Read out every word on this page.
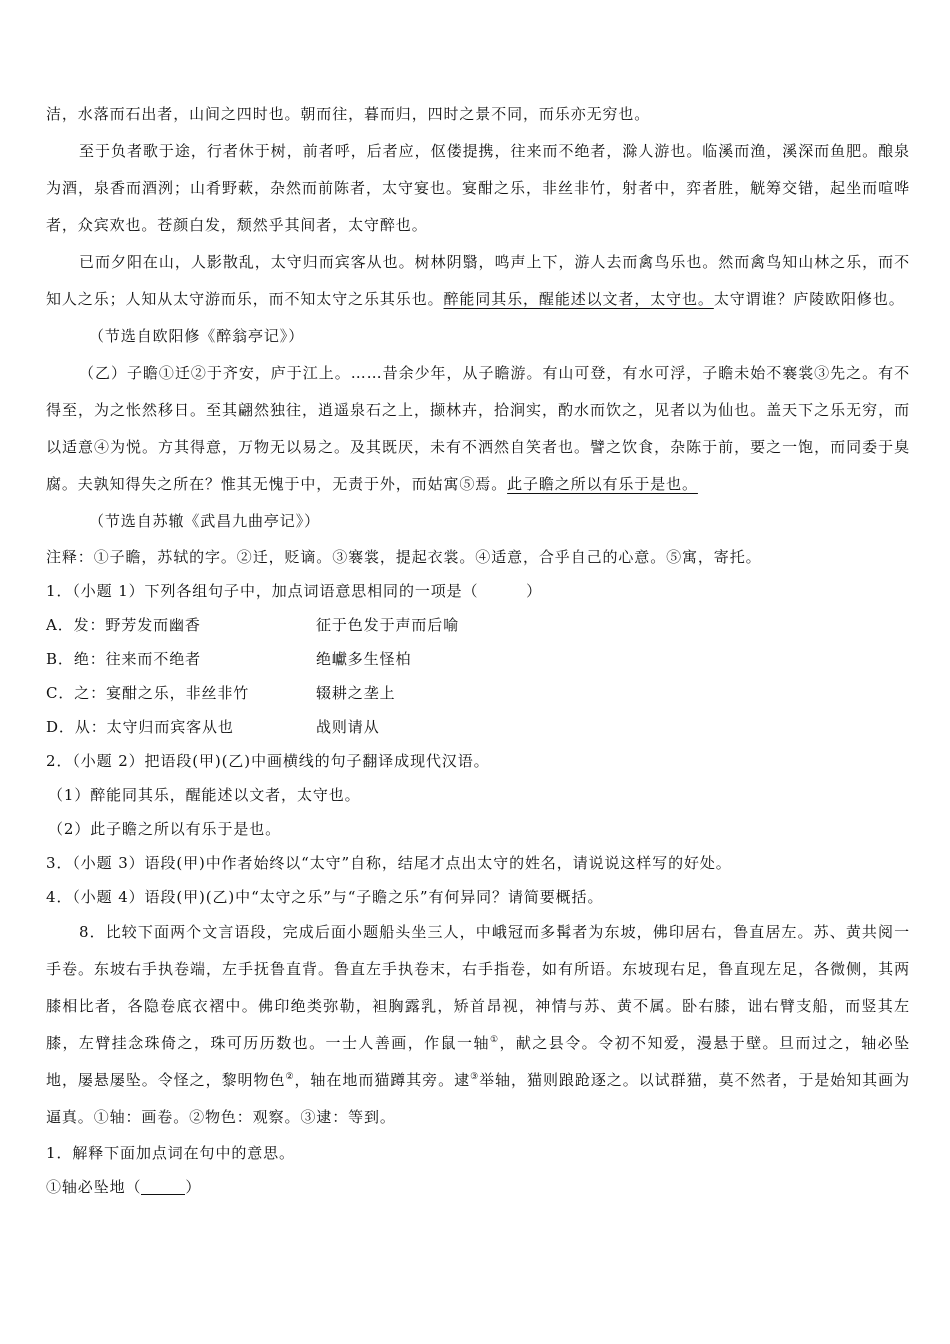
洁，水落而石出者，山间之四时也。朝而往，暮而归，四时之景不同，而乐亦无穷也。

至于负者歌于途，行者休于树，前者呼，后者应，伛偻提携，往来而不绝者，滁人游也。临溪而渔，溪深而鱼肥。酿泉为酒，泉香而酒洌；山肴野蔌，杂然而前陈者，太守宴也。宴酣之乐，非丝非竹，射者中，弈者胜，觥筹交错，起坐而喧哗者，众宾欢也。苍颜白发，颓然乎其间者，太守醉也。

已而夕阳在山，人影散乱，太守归而宾客从也。树林阴翳，鸣声上下，游人去而禽鸟乐也。然而禽鸟知山林之乐，而不知人之乐；人知从太守游而乐，而不知太守之乐其乐也。醉能同其乐，醒能述以文者，太守也。太守谓谁？庐陵欧阳修也。

（节选自欧阳修《醉翁亭记》）

（乙）子瞻①迁②于齐安，庐于江上。……昔余少年，从子瞻游。有山可登，有水可浮，子瞻未始不褰裳③先之。有不得至，为之怅然移日。至其翩然独往，逍遥泉石之上，撷林卉，拾涧实，酌水而饮之，见者以为仙也。盖天下之乐无穷，而以适意④为悦。方其得意，万物无以易之。及其既厌，未有不洒然自笑者也。譬之饮食，杂陈于前，要之一饱，而同委于臭腐。夫孰知得失之所在？惟其无愧于中，无责于外，而姑寓⑤焉。此子瞻之所以有乐于是也。

（节选自苏辙《武昌九曲亭记》）

注释：①子瞻，苏轼的字。②迁，贬谪。③褰裳，提起衣裳。④适意，合乎自己的心意。⑤寓，寄托。

1．（小题 1）下列各组句子中，加点词语意思相同的一项是（　　　）

A．发：野芳发而幽香	征于色发于声而后喻
B．绝：往来而不绝者	绝巘多生怪柏
C．之：宴酣之乐，非丝非竹	辍耕之垄上
D．从：太守归而宾客从也	战则请从

2．（小题 2）把语段(甲)(乙)中画横线的句子翻译成现代汉语。

（1）醉能同其乐，醒能述以文者，太守也。

（2）此子瞻之所以有乐于是也。

3．（小题 3）语段(甲)中作者始终以“太守”自称，结尾才点出太守的姓名，请说说这样写的好处。

4．（小题 4）语段(甲)(乙)中“太守之乐”与“子瞻之乐”有何异同？请简要概括。

8．比较下面两个文言语段，完成后面小题船头坐三人，中峨冠而多髯者为东坡，佛印居右，鲁直居左。苏、黄共阅一手卷。东坡右手执卷端，左手抚鲁直背。鲁直左手执卷末，右手指卷，如有所语。东坡现右足，鲁直现左足，各微侧，其两膝相比者，各隐卷底衣褶中。佛印绝类弥勒，袒胸露乳，矫首昂视，神情与苏、黄不属。卧右膝，诎右臂支船，而竖其左膝，左臂挂念珠倚之，珠可历历数也。一士人善画，作鼠一轴①，献之县令。令初不知爱，漫悬于壁。旦而过之，轴必坠地，屡悬屡坠。令怪之，黎明物色②，轴在地而猫蹲其旁。逮③举轴，猫则踉跄逐之。以试群猫，莫不然者，于是始知其画为逼真。①轴：画卷。②物色：观察。③逮：等到。

1．解释下面加点词在句中的意思。

①轴必坠地（	）
